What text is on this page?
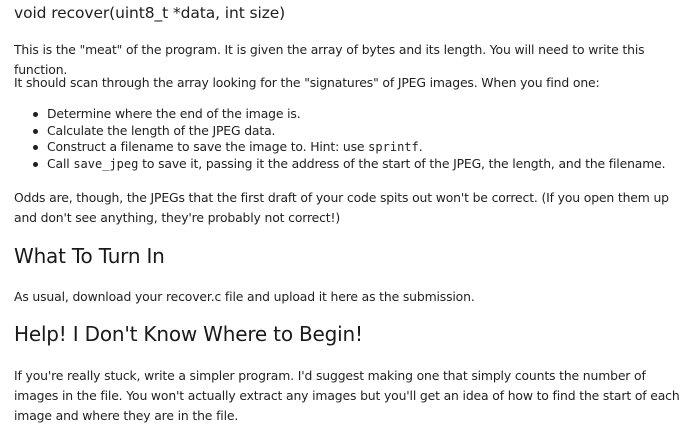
void recover(uint8_t *data, int size)

This is the "meat" of the program. It is given the array of bytes and its length. You will need to write this function.

It should scan through the array looking for the "signatures" of JPEG images. When you find one:

Determine where the end of the image is.
Calculate the length of the JPEG data.
Construct a filename to save the image to. Hint: use sprintf.
Call save_jpeg to save it, passing it the address of the start of the JPEG, the length, and the filename.

Odds are, though, the JPEGs that the first draft of your code spits out won't be correct. (If you open them up and don't see anything, they're probably not correct!)

What To Turn In

As usual, download your recover.c file and upload it here as the submission.

Help! I Don't Know Where to Begin!

If you're really stuck, write a simpler program. I'd suggest making one that simply counts the number of images in the file. You won't actually extract any images but you'll get an idea of how to find the start of each image and where they are in the file.
